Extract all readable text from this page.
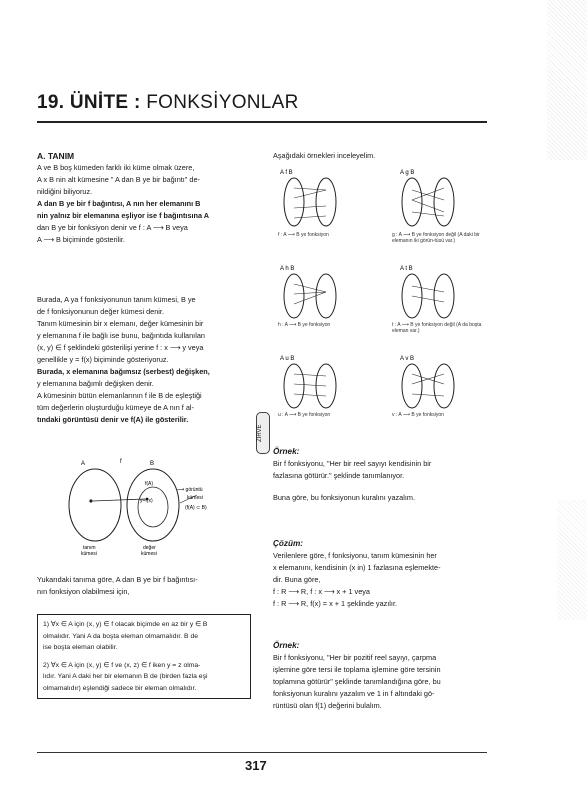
19. ÜNİTE : FONKSİYONLAR

A. TANIM

A ve B boş kümeden farklı iki küme olmak üzere,

A x B nin alt kümesine " A dan B ye bir bağıntı" de-

nildiğini biliyoruz.

A dan B ye bir f bağıntısı, A nın her elemanını B

nin yalnız bir elemanına eşliyor ise f bağıntısına A

dan B ye bir fonksiyon denir ve f : A ⟶ B veya

A ⟶ B biçiminde gösterilir.

Burada, A ya f fonksiyonunun tanım kümesi, B ye

de f fonksiyonunun değer kümesi denir.

Tanım kümesinin bir x elemanı, değer kümesinin bir

y elemanına f ile bağlı ise bunu, bağıntıda kullanılan

(x, y) ∈ f şeklindeki gösterilişi yerine f : x ⟶ y veya

genellikle y = f(x) biçiminde gösteriyoruz.

Burada, x elemanına bağımsız (serbest) değişken,

y elemanına bağımlı değişken denir.

A kümesinin bütün elemanlarının f ile B de eşleştiği

tüm değerlerin oluşturduğu kümeye de A nın f al-

tındaki görüntüsü denir ve f(A) ile gösterilir.

A	B
f
f(A)
y=f(x)
⟶ görüntü
kümesi
(f(A) ⊂ B)
tanım
kümesi
değer
kümesi

Yukarıdaki tanıma göre, A dan B ye bir f bağıntısı-

nın fonksiyon olabilmesi için,

1) ∀x ∈ A için (x, y) ∈ f olacak biçimde en az bir y ∈ B
olmalıdır. Yani A da boşta eleman olmamalıdır. B de
ise boşta eleman olabilir.
2) ∀x ∈ A için (x, y) ∈ f ve (x, z) ∈ f iken y = z olma-
lıdır. Yani A daki her bir elemanın B de (birden fazla eşi
olmamalıdır) eşlendiği sadece bir eleman olmalıdır.

Aşağıdaki örnekleri inceleyelim.

A f B	A g B
A h B	A t B
A u B	A v B
f : A ⟶ B ye fonksiyon	g : A ⟶ B ye fonksiyon değil (A daki bir elemanın iki görün-tüsü var.)
h : A ⟶ B ye fonksiyon	t : A ⟶ B ye fonksiyon değil (A da boşta eleman var.)
u : A ⟶ B ye fonksiyon	v : A ⟶ B ye fonksiyon
ZİRVE

Örnek:

Bir f fonksiyonu, "Her bir reel sayıyı kendisinin bir

fazlasına götürür." şeklinde tanımlanıyor.

Buna göre, bu fonksiyonun kuralını yazalım.

Çözüm:

Verilenlere göre, f fonksiyonu, tanım kümesinin her

x elemanını, kendisinin (x in) 1 fazlasına eşlemekte-

dir. Buna göre,

f : R ⟶ R, f : x ⟶ x + 1 veya

f : R ⟶ R, f(x) = x + 1 şeklinde yazılır.

Örnek:

Bir f fonksiyonu, "Her bir pozitif reel sayıyı, çarpma

işlemine göre tersi ile toplama işlemine göre tersinin

toplamına götürür" şeklinde tanımlandığına göre, bu

fonksiyonun kuralını yazalım ve 1 in f altındaki gö-

rüntüsü olan f(1) değerini bulalım.

317
